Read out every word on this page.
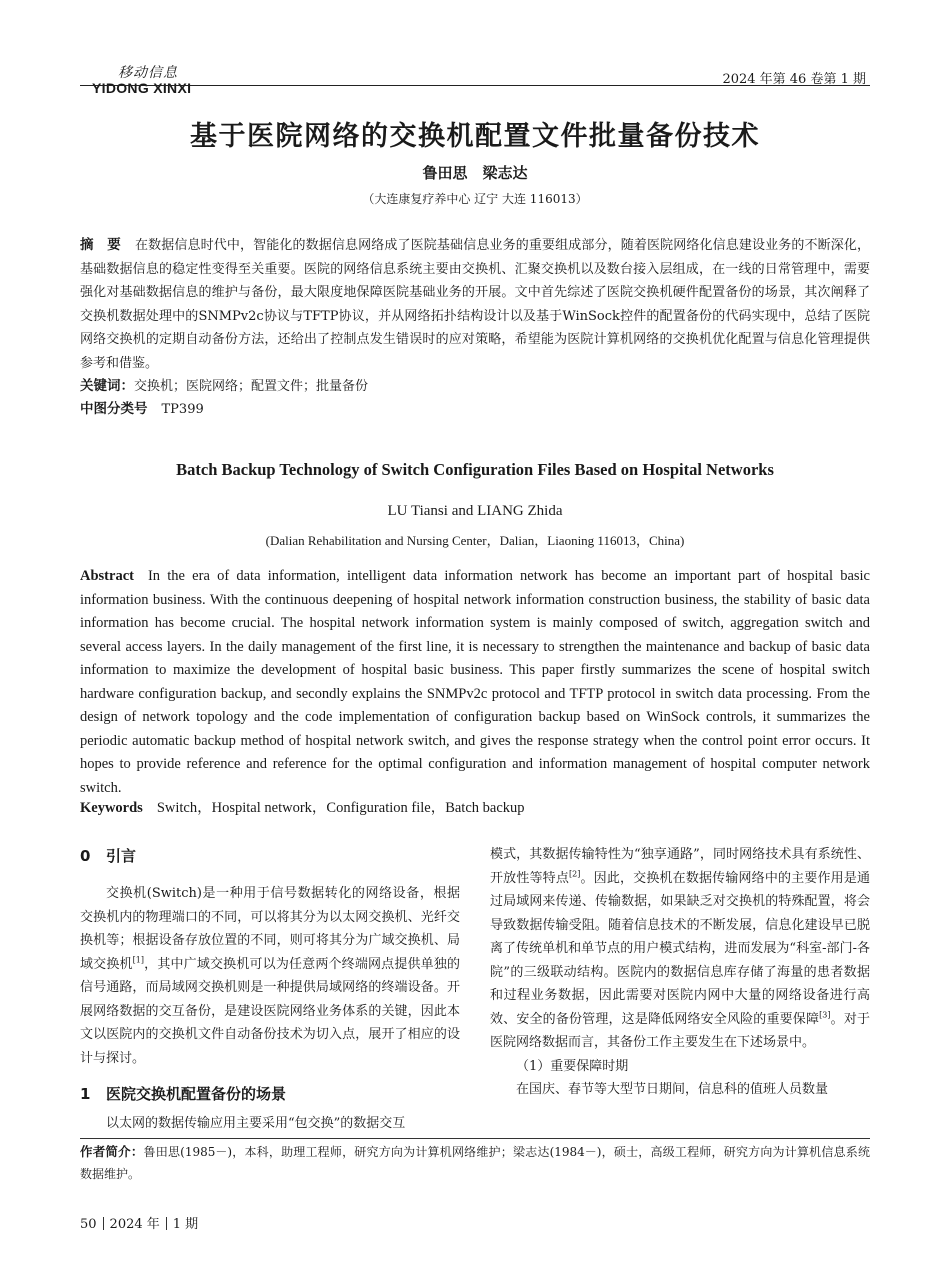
移动信息
YIDONG XINXI
2024 年第 46 卷第 1 期
基于医院网络的交换机配置文件批量备份技术
鲁田思　梁志达
（大连康复疗养中心 辽宁 大连 116013）
摘　要 在数据信息时代中，智能化的数据信息网络成了医院基础信息业务的重要组成部分，随着医院网络化信息建设业务的不断深化，基础数据信息的稳定性变得至关重要。医院的网络信息系统主要由交换机、汇聚交换机以及数台接入层组成，在一线的日常管理中，需要强化对基础数据信息的维护与备份，最大限度地保障医院基础业务的开展。文中首先综述了医院交换机硬件配置备份的场景，其次阐释了交换机数据处理中的SNMPv2c协议与TFTP协议，并从网络拓扑结构设计以及基于WinSock控件的配置备份的代码实现中，总结了医院网络交换机的定期自动备份方法，还给出了控制点发生错误时的应对策略，希望能为医院计算机网络的交换机优化配置与信息化管理提供参考和借鉴。
关键词：交换机；医院网络；配置文件；批量备份
中图分类号 TP399
Batch Backup Technology of Switch Configuration Files Based on Hospital Networks
LU Tiansi and LIANG Zhida
(Dalian Rehabilitation and Nursing Center，Dalian，Liaoning 116013，China)
Abstract In the era of data information, intelligent data information network has become an important part of hospital basic information business. With the continuous deepening of hospital network information construction business, the stability of basic data information has become crucial. The hospital network information system is mainly composed of switch, aggregation switch and several access layers. In the daily management of the first line, it is necessary to strengthen the maintenance and backup of basic data information to maximize the development of hospital basic business. This paper firstly summarizes the scene of hospital switch hardware configuration backup, and secondly explains the SNMPv2c protocol and TFTP protocol in switch data processing. From the design of network topology and the code implementation of configuration backup based on WinSock controls, it summarizes the periodic automatic backup method of hospital network switch, and gives the response strategy when the control point error occurs. It hopes to provide reference and reference for the optimal configuration and information management of hospital computer network switch.
Keywords Switch，Hospital network，Configuration file，Batch backup
0 引言

交换机(Switch)是一种用于信号数据转化的网络设备，根据交换机内的物理端口的不同，可以将其分为以太网交换机、光纤交换机等；根据设备存放位置的不同，则可将其分为广域交换机、局域交换机[1]，其中广域交换机可以为任意两个终端网点提供单独的信号通路，而局域网交换机则是一种提供局域网络的终端设备。开展网络数据的交互备份，是建设医院网络业务体系的关键，因此本文以医院内的交换机文件自动备份技术为切入点，展开了相应的设计与探讨。

1 医院交换机配置备份的场景

以太网的数据传输应用主要采用“包交换”的数据交互

模式，其数据传输特性为“独享通路”，同时网络技术具有系统性、开放性等特点[2]。因此，交换机在数据传输网络中的主要作用是通过局域网来传递、传输数据，如果缺乏对交换机的特殊配置，将会导致数据传输受阻。随着信息技术的不断发展，信息化建设早已脱离了传统单机和单节点的用户模式结构，进而发展为“科室-部门-各院”的三级联动结构。医院内的数据信息库存储了海量的患者数据和过程业务数据，因此需要对医院内网中大量的网络设备进行高效、安全的备份管理，这是降低网络安全风险的重要保障[3]。对于医院网络数据而言，其备份工作主要发生在下述场景中。

（1）重要保障时期

在国庆、春节等大型节日期间，信息科的值班人员数量

作者简介：鲁田思(1985－)，本科，助理工程师，研究方向为计算机网络维护；梁志达(1984－)，硕士，高级工程师，研究方向为计算机信息系统数据维护。
50 2024 年 1 期
